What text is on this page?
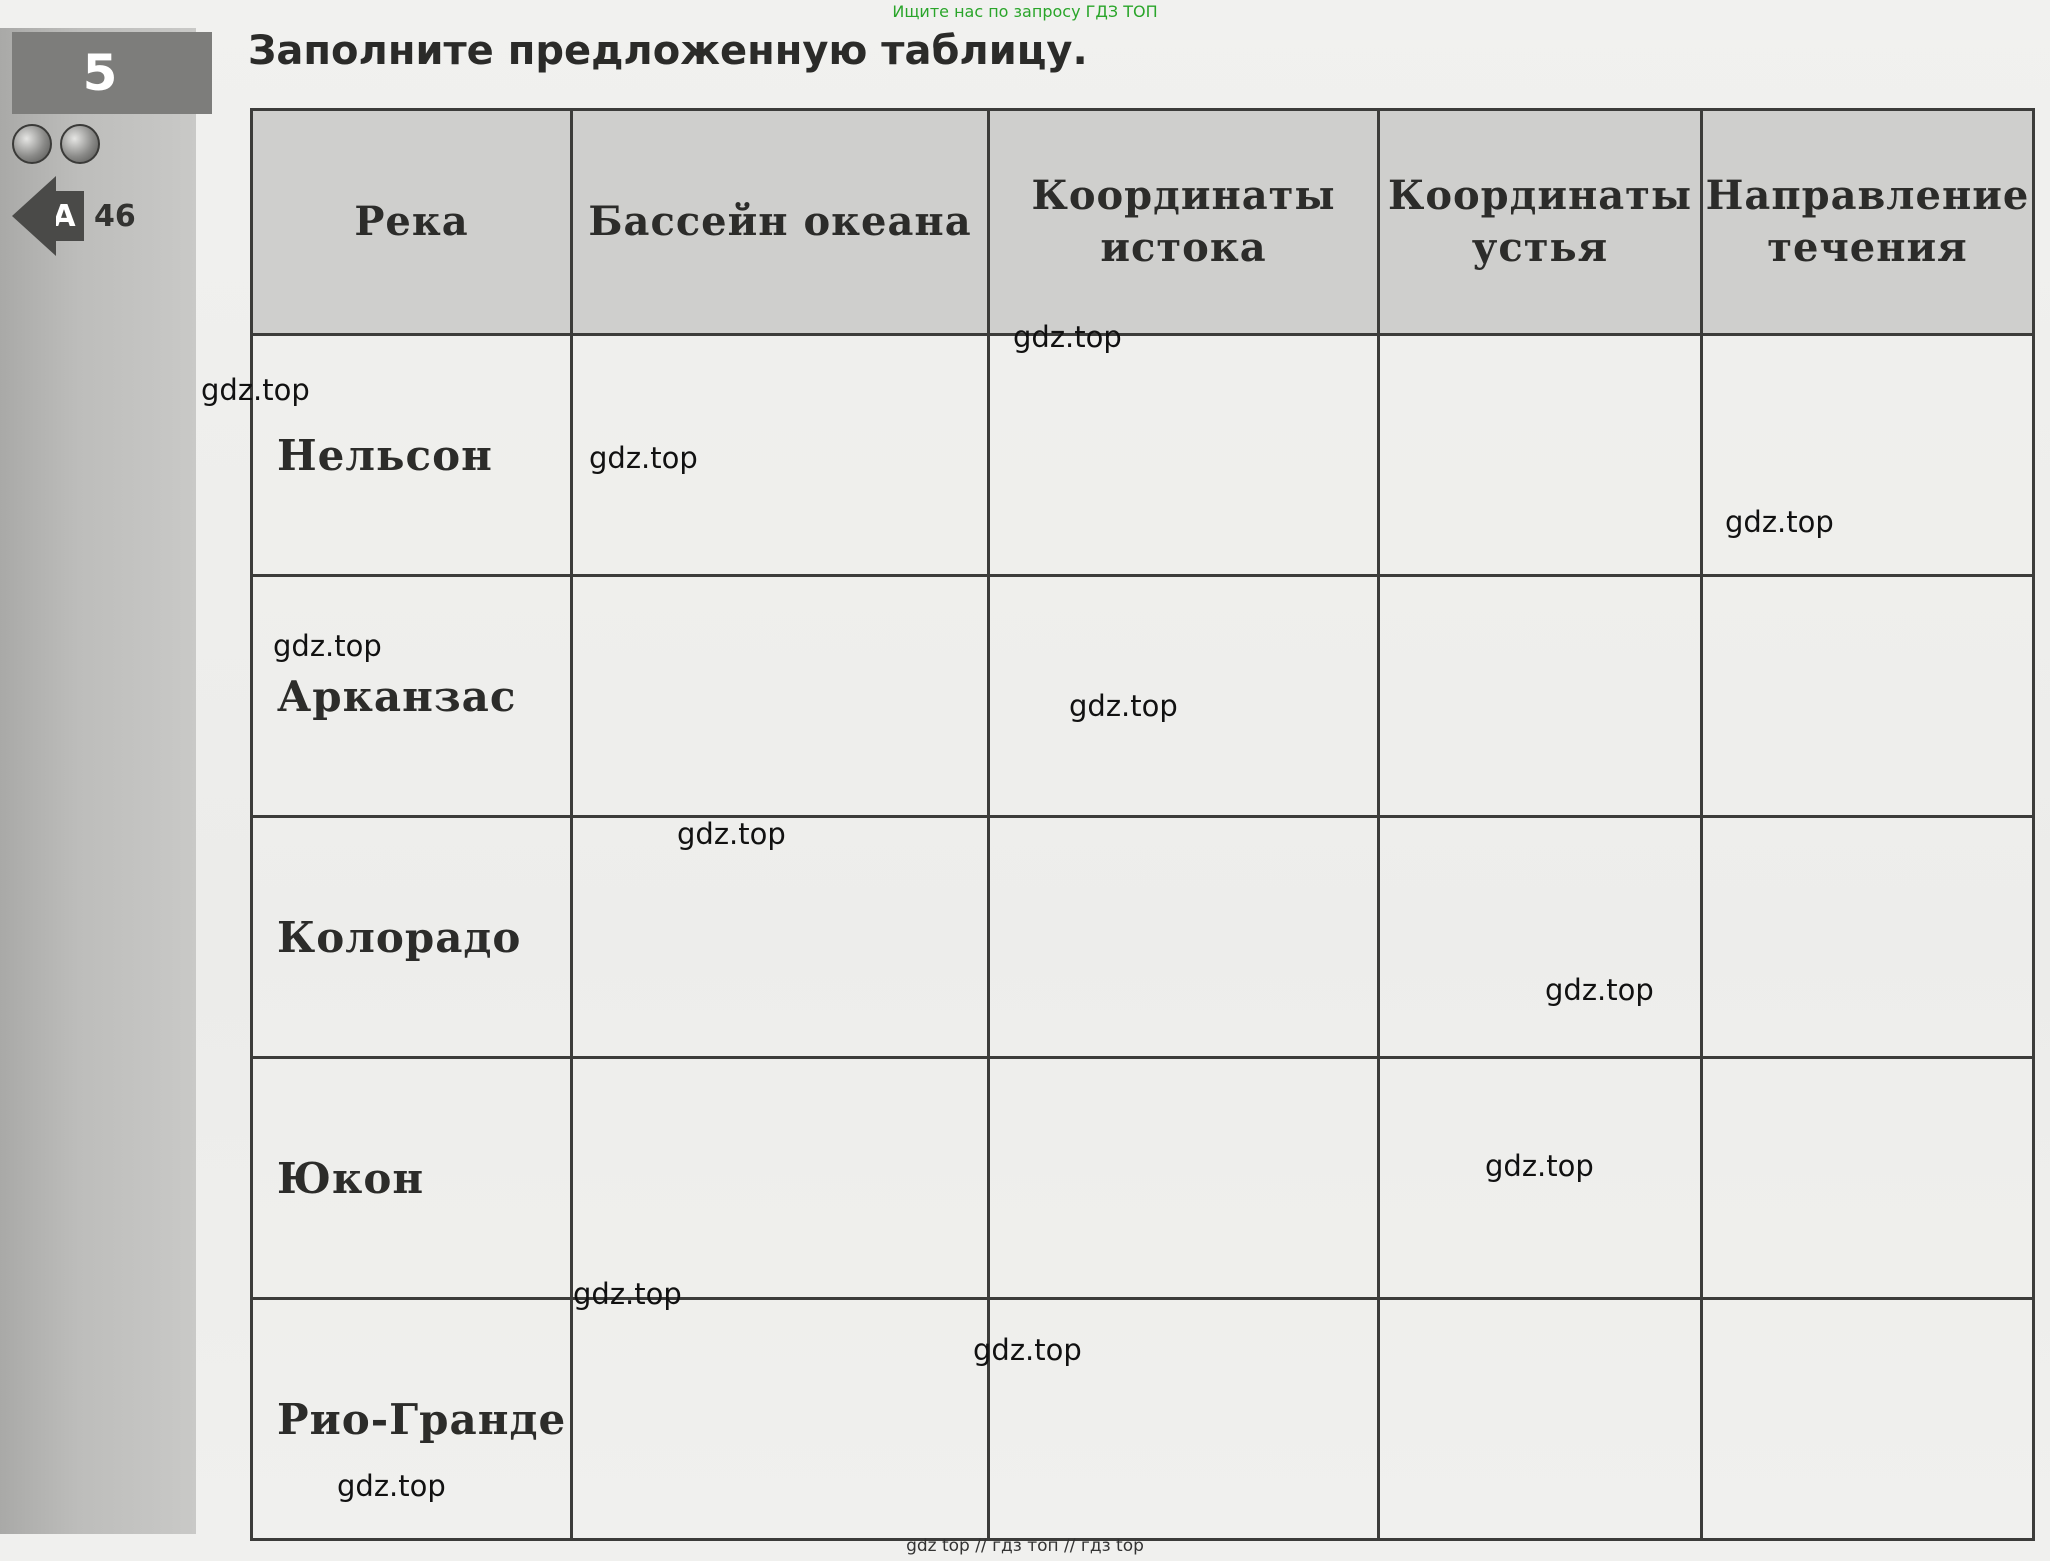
Ищите нас по запросу ГДЗ ТОП
5
А 46
Заполните предложенную таблицу.
Река	Бассейн океана	Координаты истока	Координаты устья	Направление течения
Нельсон				
Арканзас				
Колорадо				
Юкон				
Рио-Гранде				
gdz.top
gdz.top
gdz.top
gdz.top
gdz.top
gdz.top
gdz.top
gdz.top
gdz.top
gdz.top
gdz.top
gdz.top
gdz top // гдз топ // гдз top
